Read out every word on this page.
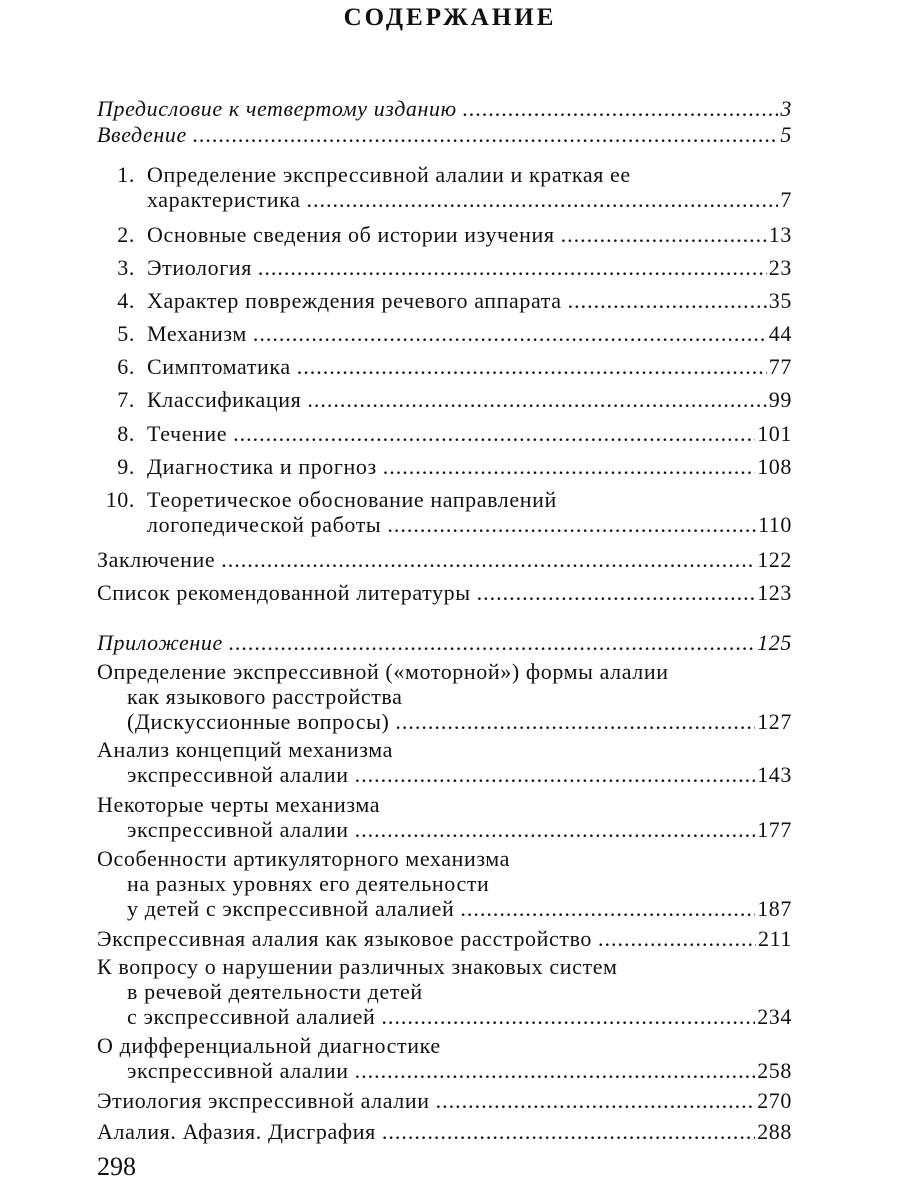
СОДЕРЖАНИЕ
Предисловие к четвертому изданию .....	3
Введение .....	5
1. Определение экспрессивной алалии и краткая ее
характеристика .....	7
2. Основные сведения об истории изучения .....	13
3. Этиология .....	23
4. Характер повреждения речевого аппарата .....	35
5. Механизм .....	44
6. Симптоматика .....	77
7. Классификация .....	99
8. Течение .....	101
9. Диагностика и прогноз .....	108
10. Теоретическое обоснование направлений
логопедической работы .....	110
Заключение .....	122
Список рекомендованной литературы .....	123
Приложение .....	125
Определение экспрессивной («моторной») формы алалии
как языкового расстройства
(Дискуссионные вопросы) .....	127
Анализ концепций механизма
экспрессивной алалии .....	143
Некоторые черты механизма
экспрессивной алалии .....	177
Особенности артикуляторного механизма
на разных уровнях его деятельности
у детей с экспрессивной алалией .....	187
Экспрессивная алалия как языковое расстройство .....	211
К вопросу о нарушении различных знаковых систем
в речевой деятельности детей
с экспрессивной алалией .....	234
О дифференциальной диагностике
экспрессивной алалии .....	258
Этиология экспрессивной алалии .....	270
Алалия. Афазия. Дисграфия .....	288

298
